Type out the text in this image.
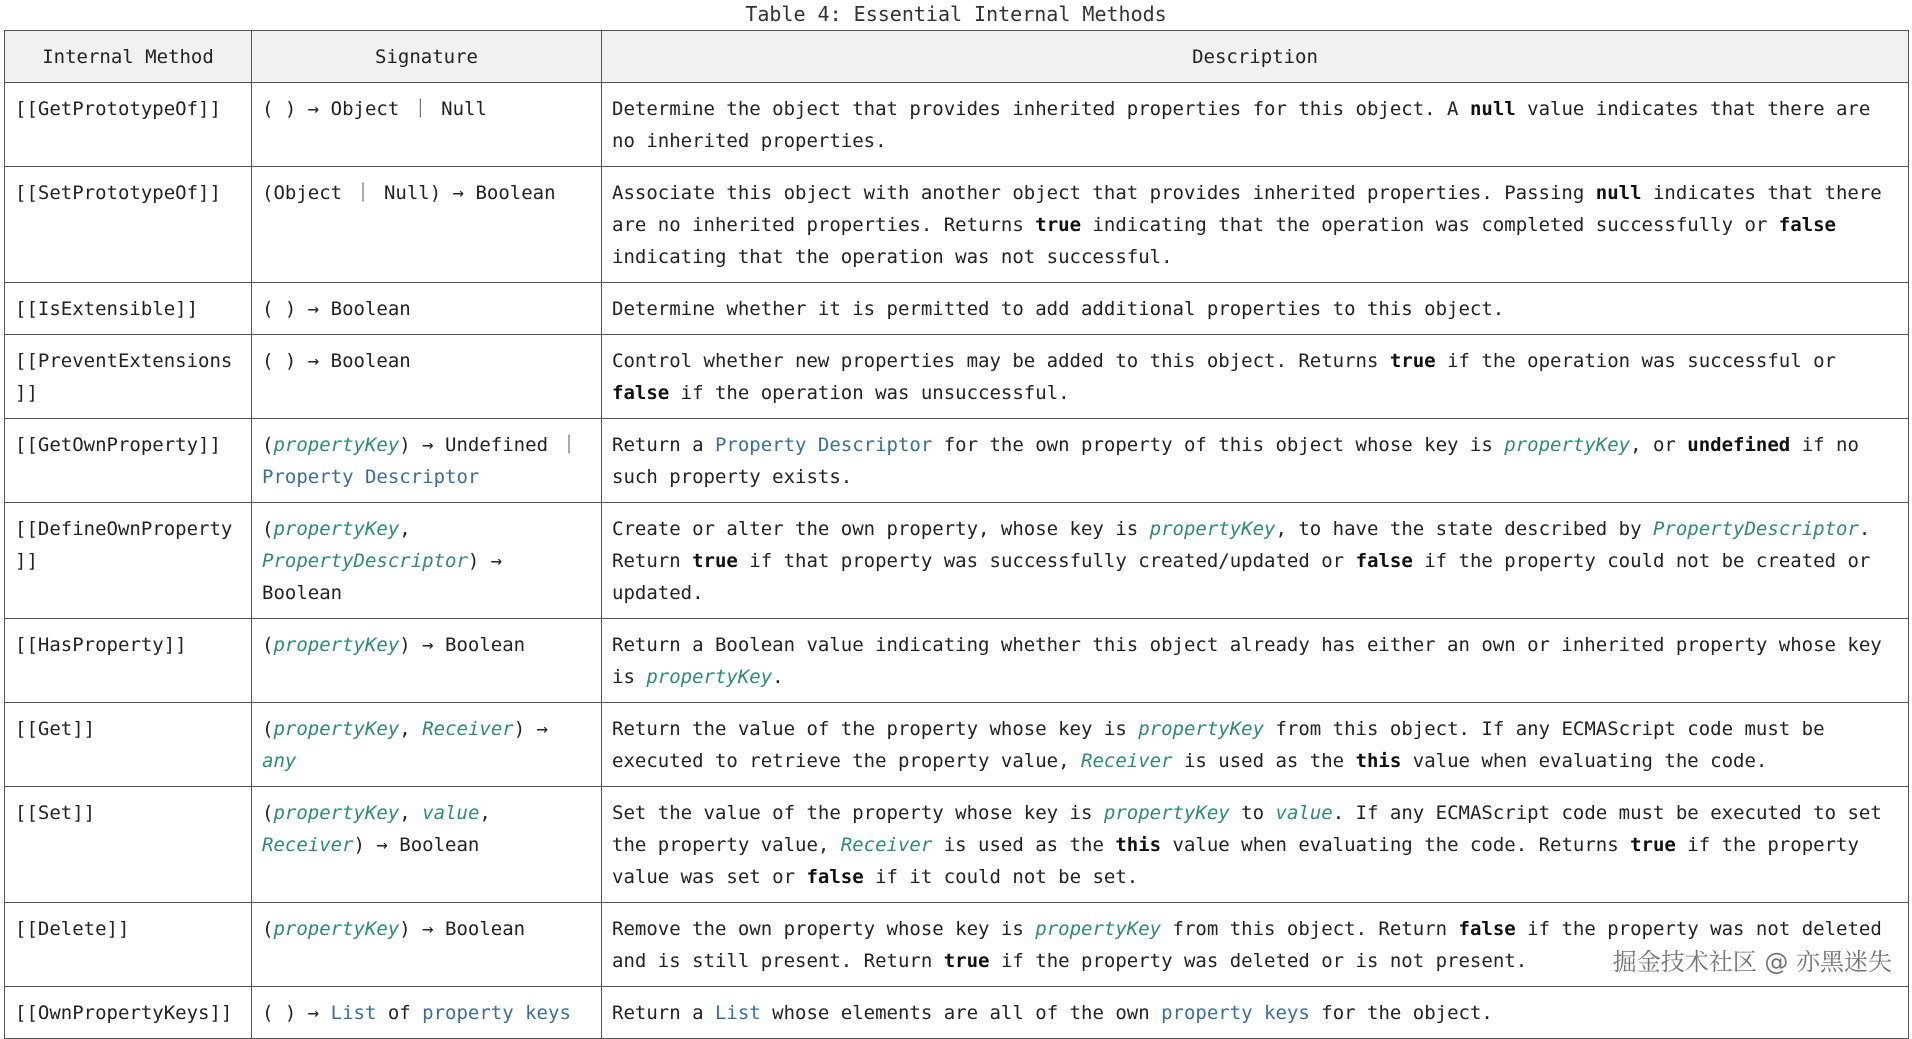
Table 4: Essential Internal Methods
Internal Method	Signature	Description
[[GetPrototypeOf]]	( ) → Object ｜ Null	Determine the object that provides inherited properties for this object. A null value indicates that there are no inherited properties.
[[SetPrototypeOf]]	(Object ｜ Null) → Boolean	Associate this object with another object that provides inherited properties. Passing null indicates that there are no inherited properties. Returns true indicating that the operation was completed successfully or false indicating that the operation was not successful.
[[IsExtensible]]	( ) → Boolean	Determine whether it is permitted to add additional properties to this object.
[[PreventExtensions]]	( ) → Boolean	Control whether new properties may be added to this object. Returns true if the operation was successful or false if the operation was unsuccessful.
[[GetOwnProperty]]	(propertyKey) → Undefined ｜ Property Descriptor	Return a Property Descriptor for the own property of this object whose key is propertyKey, or undefined if no such property exists.
[[DefineOwnProperty]]	(propertyKey, PropertyDescriptor) → Boolean	Create or alter the own property, whose key is propertyKey, to have the state described by PropertyDescriptor. Return true if that property was successfully created/updated or false if the property could not be created or updated.
[[HasProperty]]	(propertyKey) → Boolean	Return a Boolean value indicating whether this object already has either an own or inherited property whose key is propertyKey.
[[Get]]	(propertyKey, Receiver) → any	Return the value of the property whose key is propertyKey from this object. If any ECMAScript code must be executed to retrieve the property value, Receiver is used as the this value when evaluating the code.
[[Set]]	(propertyKey, value, Receiver) → Boolean	Set the value of the property whose key is propertyKey to value. If any ECMAScript code must be executed to set the property value, Receiver is used as the this value when evaluating the code. Returns true if the property value was set or false if it could not be set.
[[Delete]]	(propertyKey) → Boolean	Remove the own property whose key is propertyKey from this object. Return false if the property was not deleted and is still present. Return true if the property was deleted or is not present.
[[OwnPropertyKeys]]	( ) → List of property keys	Return a List whose elements are all of the own property keys for the object.
掘金技术社区 @ 亦黑迷失
